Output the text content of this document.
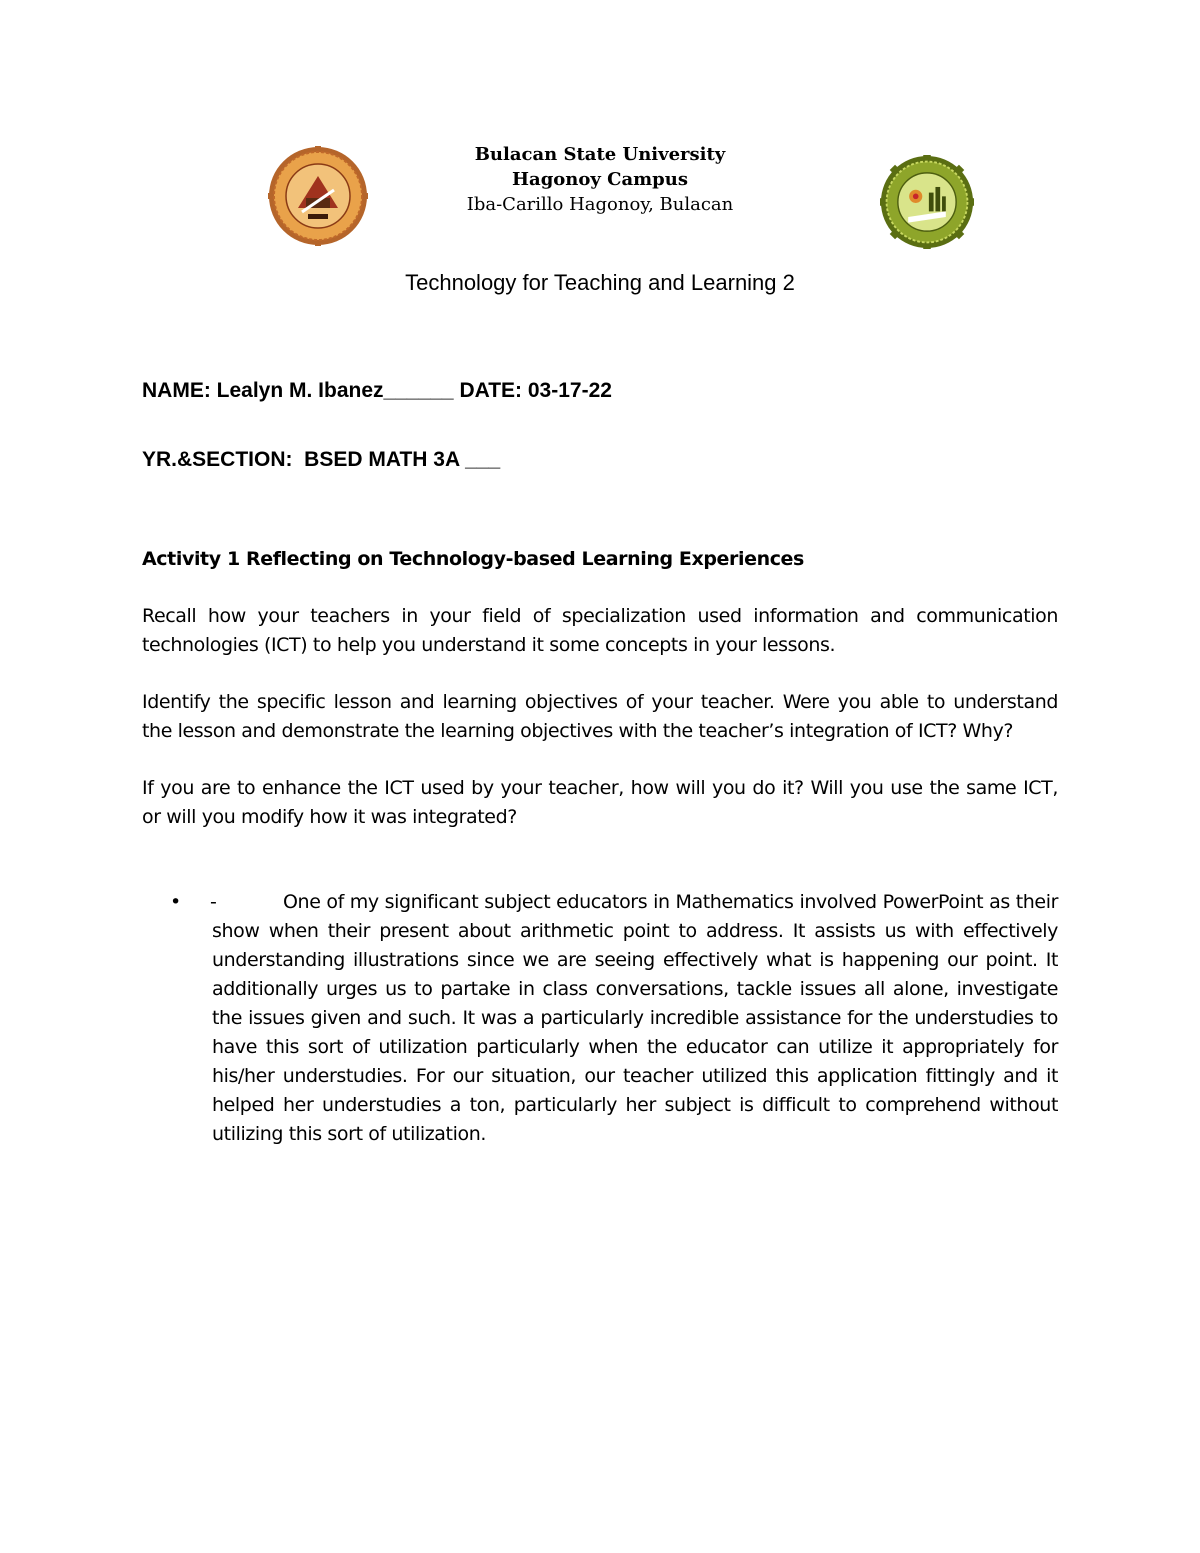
Bulacan State University
Hagonoy Campus
Iba-Carillo Hagonoy, Bulacan
Technology for Teaching and Learning 2
NAME: Lealyn M. Ibanez______ DATE: 03-17-22
YR.&SECTION:  BSED MATH 3A ___
Activity 1 Reflecting on Technology-based Learning Experiences
Recall how your teachers in your field of specialization used information and communication technologies (ICT) to help you understand it some concepts in your lessons.
Identify the specific lesson and learning objectives of your teacher. Were you able to understand the lesson and demonstrate the learning objectives with the teacher’s integration of ICT? Why?
If you are to enhance the ICT used by your teacher, how will you do it? Will you use the same ICT, or will you modify how it was integrated?
•	-	One of my significant subject educators in Mathematics involved PowerPoint as their show when their present about arithmetic point to address. It assists us with effectively understanding illustrations since we are seeing effectively what is happening our point. It additionally urges us to partake in class conversations, tackle issues all alone, investigate the issues given and such. It was a particularly incredible assistance for the understudies to have this sort of utilization particularly when the educator can utilize it appropriately for his/her understudies. For our situation, our teacher utilized this application fittingly and it helped her understudies a ton, particularly her subject is difficult to comprehend without utilizing this sort of utilization.
